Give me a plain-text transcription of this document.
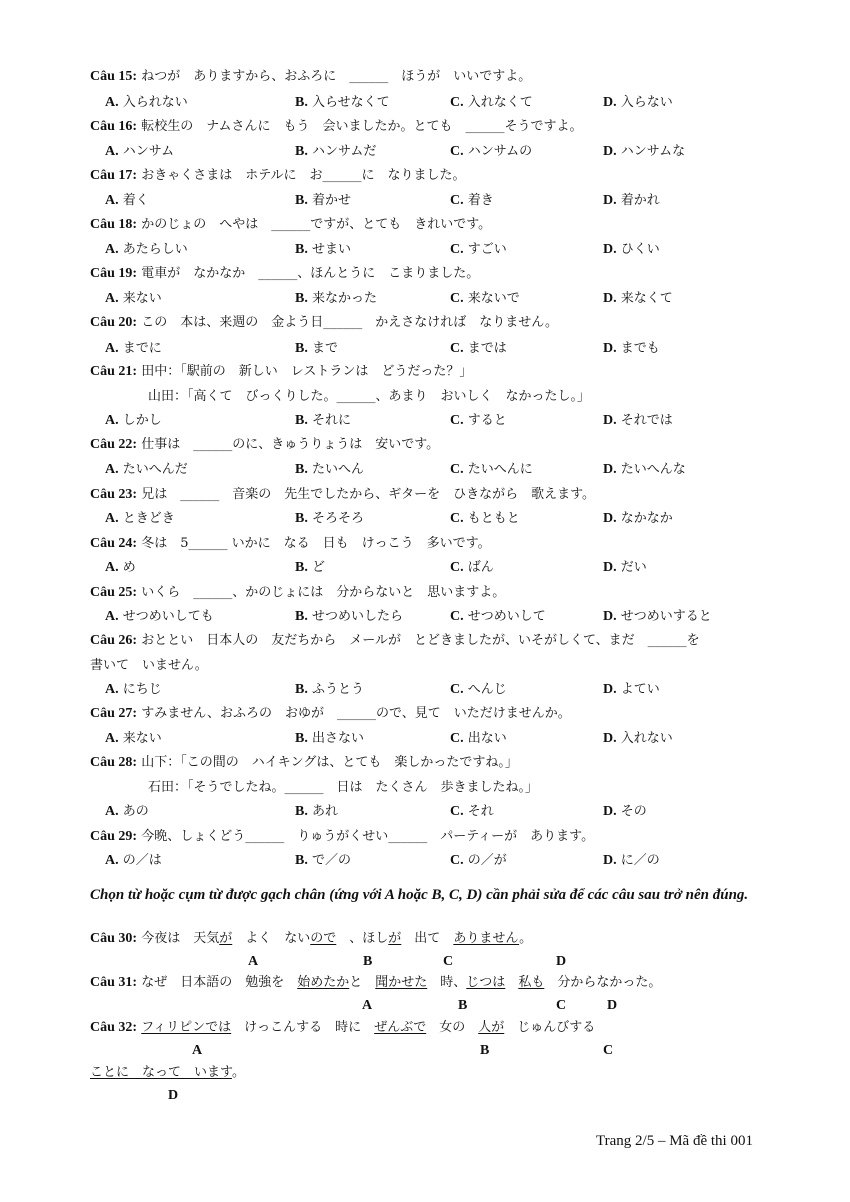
Câu 15: ねつが　ありますから、おふろに　______　ほうが　いいですよ。
A. 入られない	B. 入らせなくて	C. 入れなくて	D. 入らない
Câu 16: 転校生の　ナムさんに　もう　会いましたか。とても　______そうですよ。
A. ハンサム	B. ハンサムだ	C. ハンサムの	D. ハンサムな
Câu 17: おきゃくさまは　ホテルに　お______に　なりました。
A. 着く	B. 着かせ	C. 着き	D. 着かれ
Câu 18: かのじょの　へやは　______ですが、とても　きれいです。
A. あたらしい	B. せまい	C. すごい	D. ひくい
Câu 19: 電車が　なかなか　______、ほんとうに　こまりました。
A. 来ない	B. 来なかった	C. 来ないで	D. 来なくて
Câu 20: この　本は、来週の　金よう日______　かえさなければ　なりません。
A. までに	B. まで	C. までは	D. までも
Câu 21: 田中：「駅前の　新しい　レストランは　どうだった？」
山田：「高くて　びっくりした。______、あまり　おいしく　なかったし。」
A. しかし	B. それに	C. すると	D. それでは
Câu 22: 仕事は　______のに、きゅうりょうは　安いです。
A. たいへんだ	B. たいへん	C. たいへんに	D. たいへんな
Câu 23: 兄は　______　音楽の　先生でしたから、ギターを　ひきながら　歌えます。
A. ときどき	B. そろそろ	C. もともと	D. なかなか
Câu 24: 冬は　5______ いかに　なる　日も　けっこう　多いです。
A. め	B. ど	C. ばん	D. だい
Câu 25: いくら　______、かのじょには　分からないと　思いますよ。
A. せつめいしても	B. せつめいしたら	C. せつめいして	D. せつめいすると
Câu 26: おととい　日本人の　友だちから　メールが　とどきましたが、いそがしくて、まだ　______を
書いて　いません。
A. にちじ	B. ふうとう	C. へんじ	D. よてい
Câu 27: すみません、おふろの　おゆが　______ので、見て　いただけませんか。
A. 来ない	B. 出さない	C. 出ない	D. 入れない
Câu 28: 山下：「この間の　ハイキングは、とても　楽しかったですね。」
石田：「そうでしたね。______　日は　たくさん　歩きましたね。」
A. あの	B. あれ	C. それ	D. その
Câu 29: 今晩、しょくどう______　りゅうがくせい______　パーティーが　あります。
A. の／は	B. で／の	C. の／が	D. に／の
Chọn từ hoặc cụm từ được gạch chân (ứng với A hoặc B, C, D) cần phải sửa để các câu sau trở nên đúng.
Câu 30: 今夜は　天気が　よく　ないので　、ほしが　出て　ありません。
A	B	C	D
Câu 31: なぜ　日本語の　勉強を　始めたかと　聞かせた　時、じつは　 私も　分からなかった。
A	B	C	D
Câu 32: フィリピンでは　けっこんする　時に　ぜんぶで　女の　人が　じゅんびする
A	B	C
ことに　なって　います。
D
Trang 2/5 – Mã đề thi 001
